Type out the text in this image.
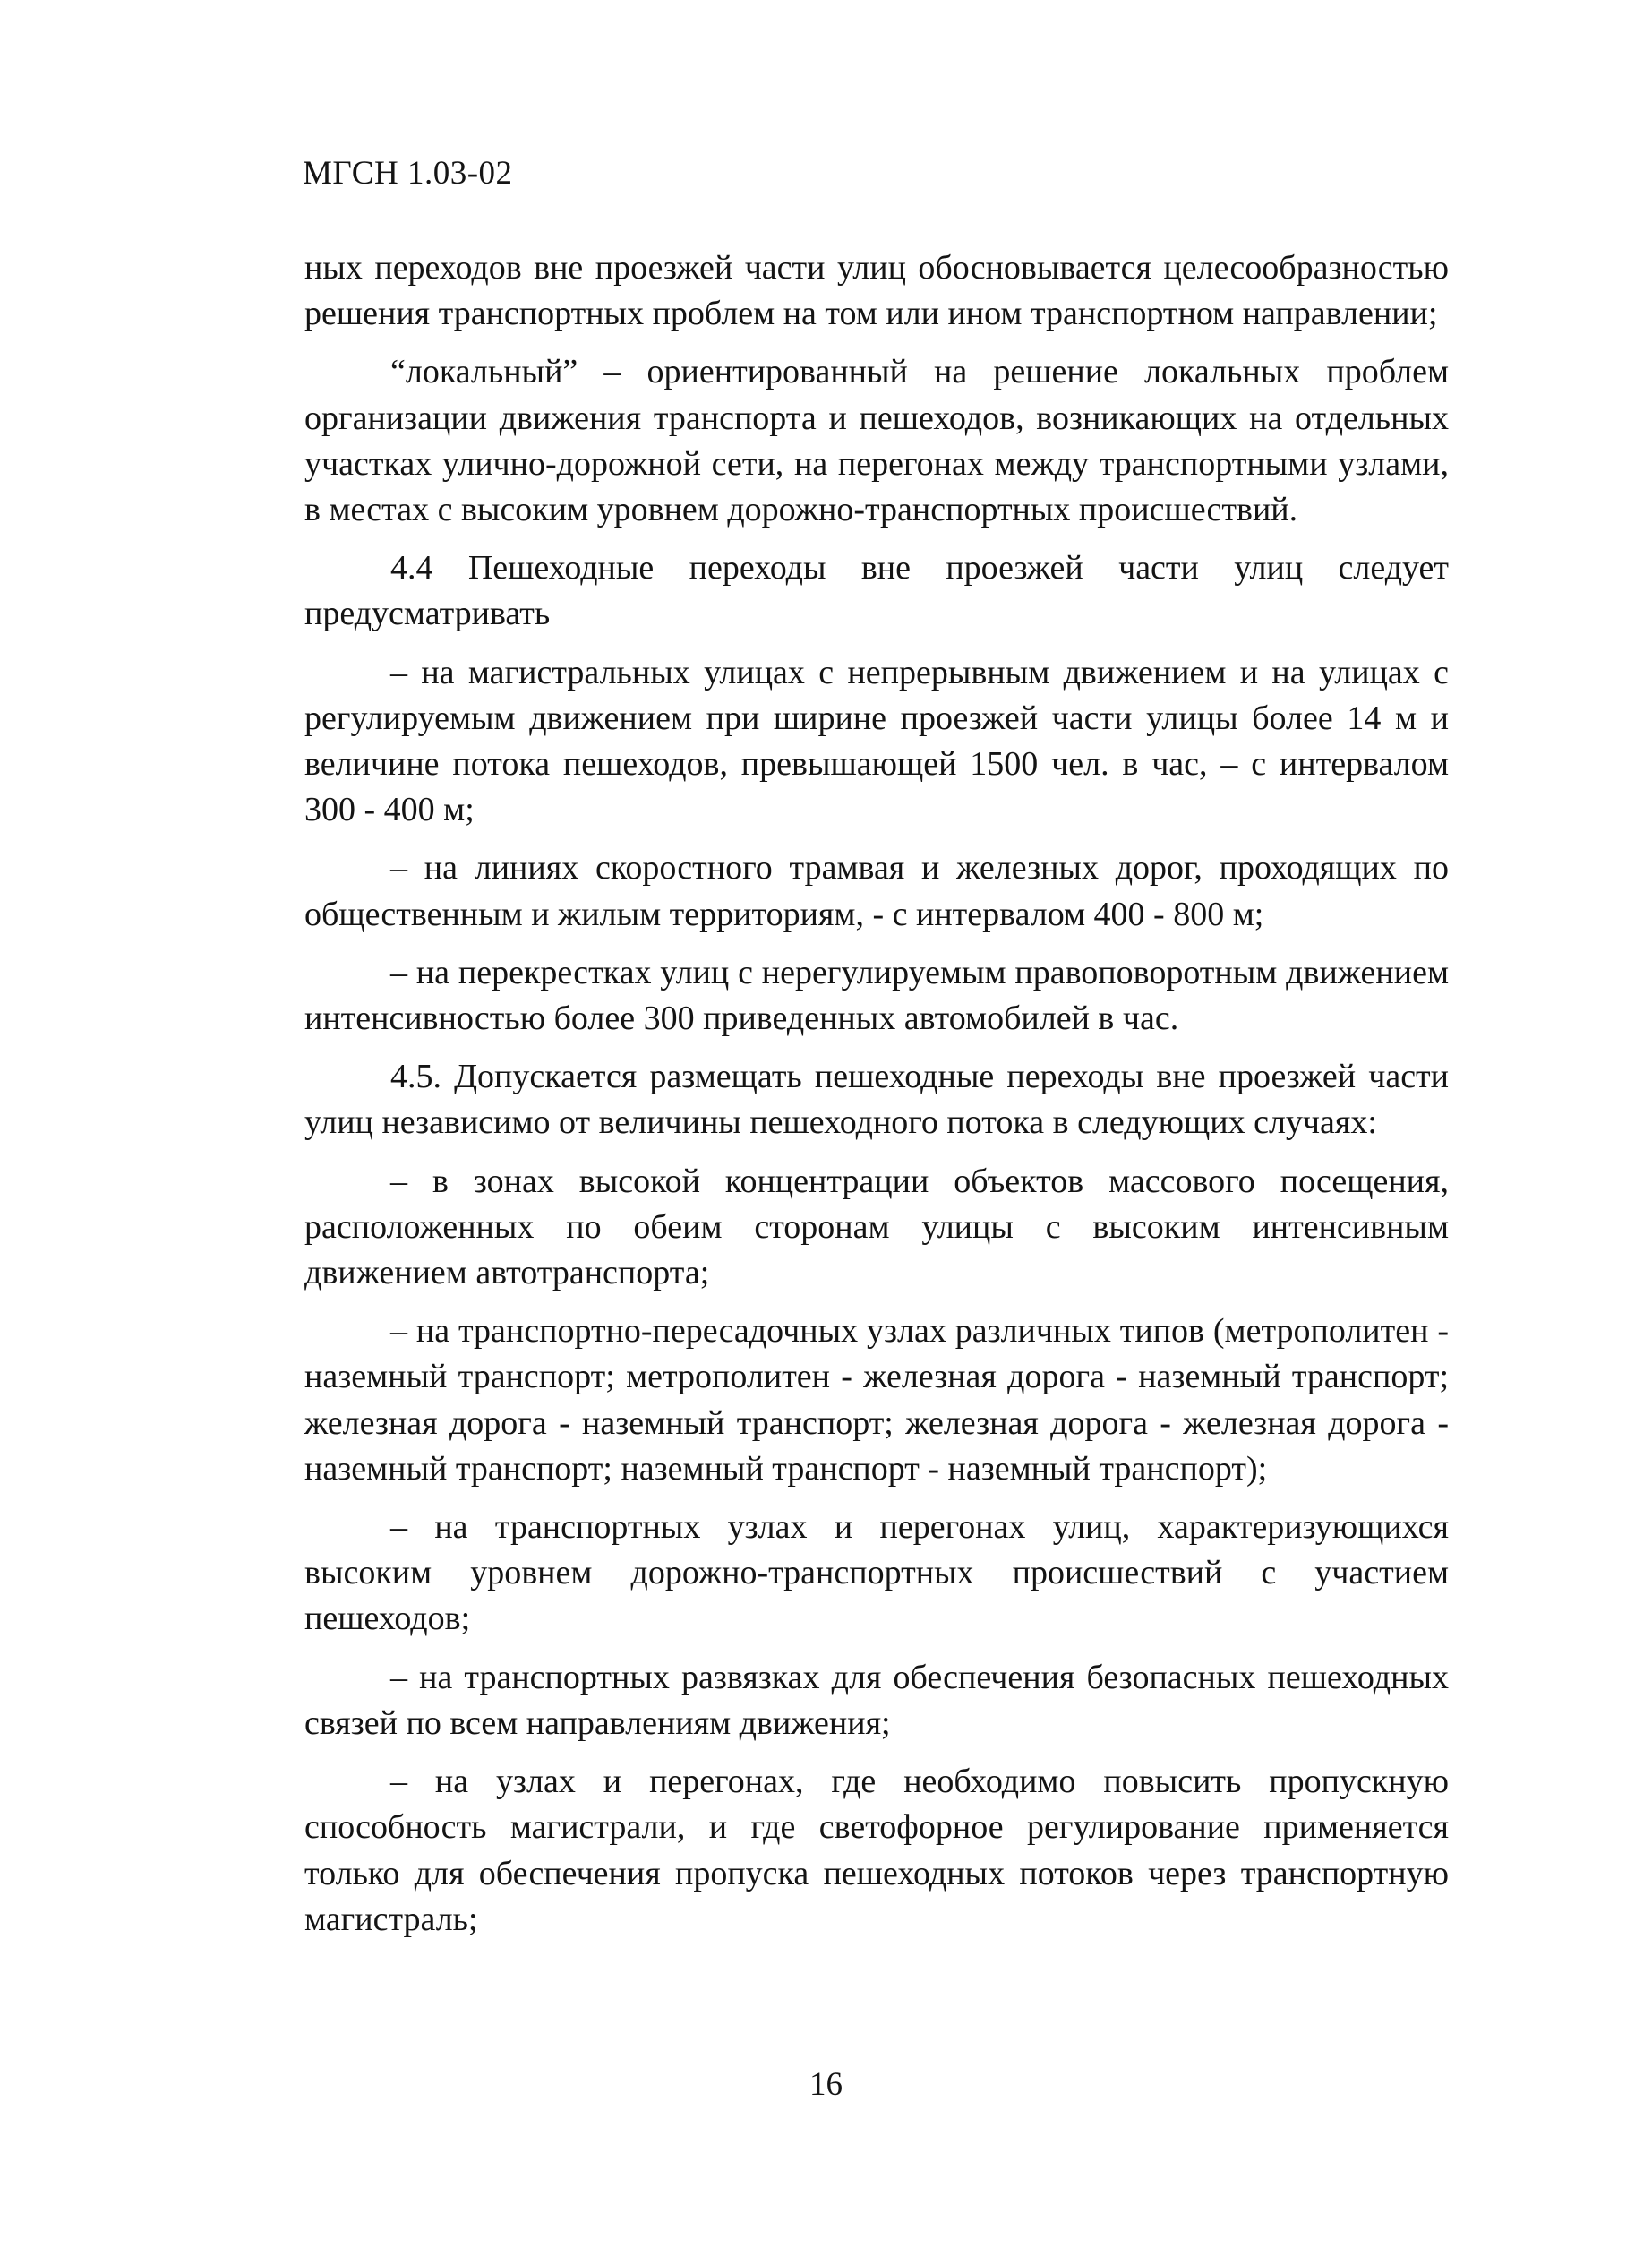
МГСН 1.03-02

ных переходов вне проезжей части улиц обосновывается целесообразностью решения транспортных проблем на том или ином транспортном направлении;

“локальный” – ориентированный на решение локальных проблем организации движения транспорта и пешеходов, возникающих на отдельных участках улично-дорожной сети, на перегонах между транспортными узлами, в местах с высоким уровнем дорожно-транспортных происшествий.

4.4 Пешеходные переходы вне проезжей части улиц следует предусматривать

– на магистральных улицах с непрерывным движением и на улицах с регулируемым движением при ширине проезжей части улицы более 14 м и величине потока пешеходов, превышающей 1500 чел. в час, – с интервалом 300 - 400 м;

– на линиях скоростного трамвая и железных дорог, проходящих по общественным и жилым территориям, - с интервалом 400 - 800 м;

– на перекрестках улиц с нерегулируемым правоповоротным движением интенсивностью более 300 приведенных автомобилей в час.

4.5. Допускается размещать пешеходные переходы вне проезжей части улиц независимо от величины пешеходного потока в следующих случаях:

– в зонах высокой концентрации объектов массового посещения, расположенных по обеим сторонам улицы с высоким интенсивным движением автотранспорта;

– на транспортно-пересадочных узлах различных типов (метрополитен - наземный транспорт; метрополитен - железная дорога - наземный транспорт; железная дорога - наземный транспорт; железная дорога - железная дорога - наземный транспорт; наземный транспорт - наземный транспорт);

– на транспортных узлах и перегонах улиц, характеризующихся высоким уровнем дорожно-транспортных происшествий с участием пешеходов;

– на транспортных развязках для обеспечения безопасных пешеходных связей по всем направлениям движения;

– на узлах и перегонах, где необходимо повысить пропускную способность магистрали, и где светофорное регулирование применяется только для обеспечения пропуска пешеходных потоков через транспортную магистраль;

16
